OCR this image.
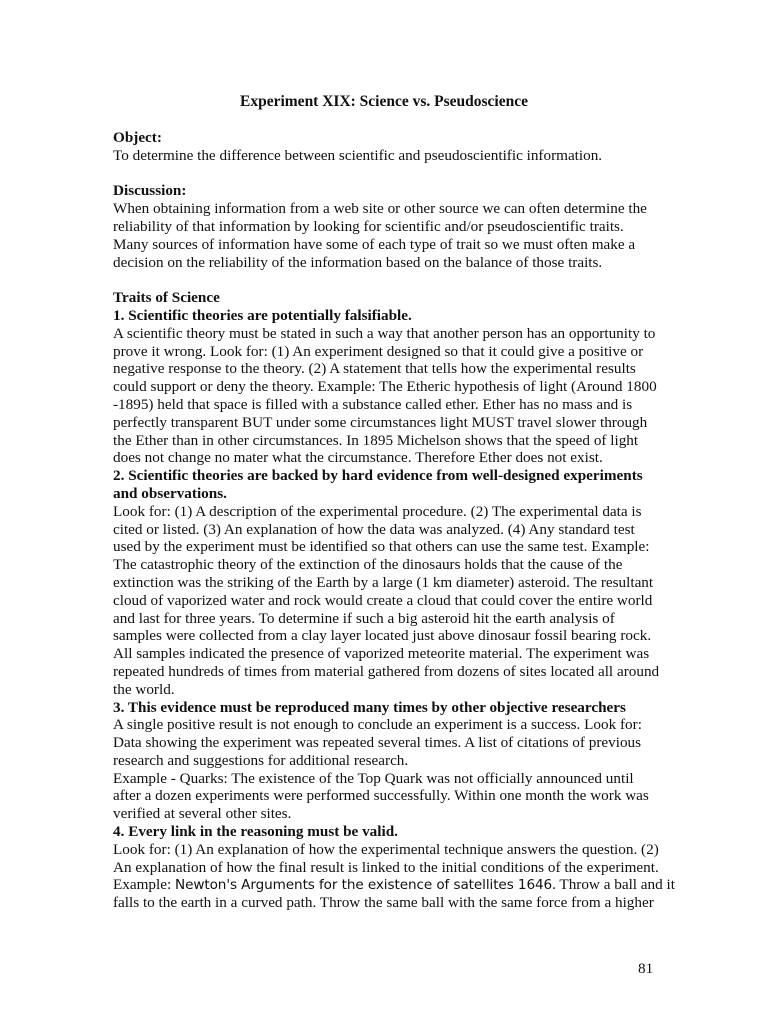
Experiment XIX: Science vs. Pseudoscience
Object:
To determine the difference between scientific and pseudoscientific information.
Discussion:
When obtaining information from a web site or other source we can often determine the
reliability of that information by looking for scientific and/or pseudoscientific traits.
Many sources of information have some of each type of trait so we must often make a
decision on the reliability of the information based on the balance of those traits.
Traits of Science
1. Scientific theories are potentially falsifiable.
A scientific theory must be stated in such a way that another person has an opportunity to
prove it wrong. Look for: (1) An experiment designed so that it could give a positive or
negative response to the theory. (2) A statement that tells how the experimental results
could support or deny the theory. Example: The Etheric hypothesis of light (Around 1800
-1895) held that space is filled with a substance called ether. Ether has no mass and is
perfectly transparent BUT under some circumstances light MUST travel slower through
the Ether than in other circumstances. In 1895 Michelson shows that the speed of light
does not change no mater what the circumstance. Therefore Ether does not exist.
2. Scientific theories are backed by hard evidence from well-designed experiments
and observations.
Look for: (1) A description of the experimental procedure. (2) The experimental data is
cited or listed. (3) An explanation of how the data was analyzed. (4) Any standard test
used by the experiment must be identified so that others can use the same test. Example:
The catastrophic theory of the extinction of the dinosaurs holds that the cause of the
extinction was the striking of the Earth by a large (1 km diameter) asteroid. The resultant
cloud of vaporized water and rock would create a cloud that could cover the entire world
and last for three years. To determine if such a big asteroid hit the earth analysis of
samples were collected from a clay layer located just above dinosaur fossil bearing rock.
All samples indicated the presence of vaporized meteorite material. The experiment was
repeated hundreds of times from material gathered from dozens of sites located all around
the world.
3. This evidence must be reproduced many times by other objective researchers
A single positive result is not enough to conclude an experiment is a success. Look for:
Data showing the experiment was repeated several times. A list of citations of previous
research and suggestions for additional research.
Example - Quarks: The existence of the Top Quark was not officially announced until
after a dozen experiments were performed successfully. Within one month the work was
verified at several other sites.
4. Every link in the reasoning must be valid.
Look for: (1) An explanation of how the experimental technique answers the question. (2)
An explanation of how the final result is linked to the initial conditions of the experiment.
Example: Newton's Arguments for the existence of satellites 1646. Throw a ball and it
falls to the earth in a curved path. Throw the same ball with the same force from a higher
81
